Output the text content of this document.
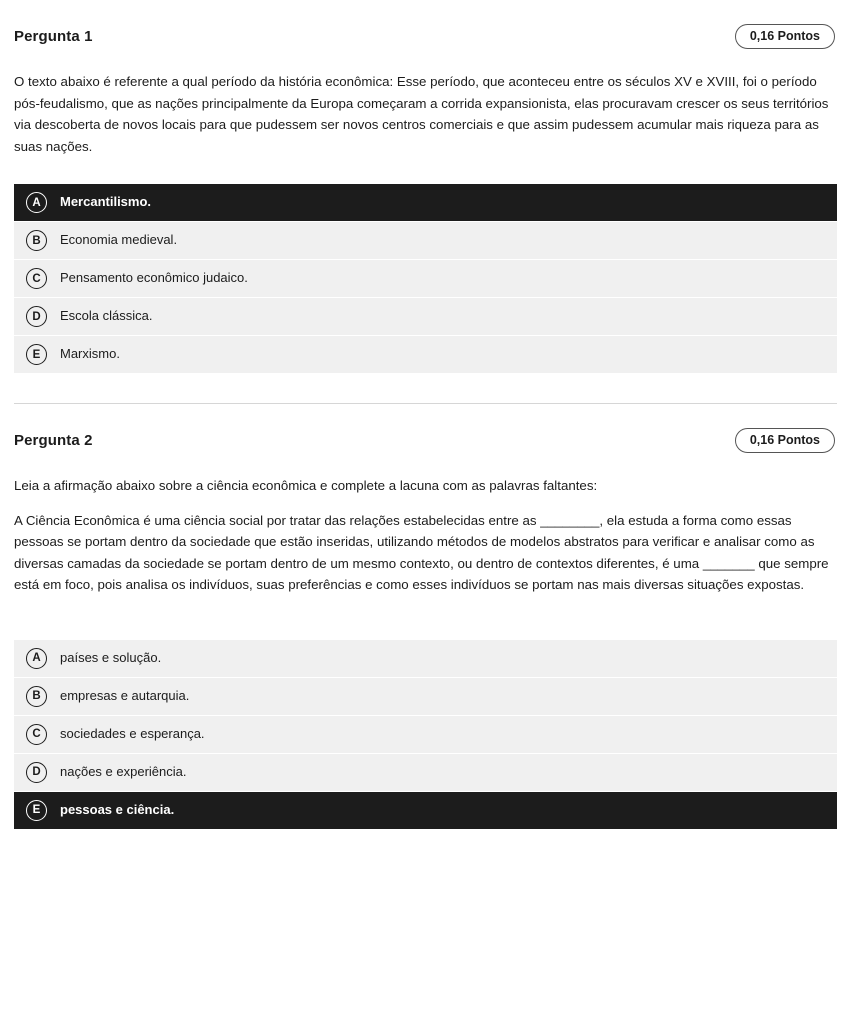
Pergunta 1	0,16 Pontos

O texto abaixo é referente a qual período da história econômica: Esse período, que aconteceu entre os séculos XV e XVIII, foi o período pós-feudalismo, que as nações principalmente da Europa começaram a corrida expansionista, elas procuravam crescer os seus territórios via descoberta de novos locais para que pudessem ser novos centros comerciais e que assim pudessem acumular mais riqueza para as suas nações.

A	Mercantilismo.
B	Economia medieval.
C	Pensamento econômico judaico.
D	Escola clássica.
E	Marxismo.
Pergunta 2	0,16 Pontos

Leia a afirmação abaixo sobre a ciência econômica e complete a lacuna com as palavras faltantes:

A Ciência Econômica é uma ciência social por tratar das relações estabelecidas entre as ________, ela estuda a forma como essas pessoas se portam dentro da sociedade que estão inseridas, utilizando métodos de modelos abstratos para verificar e analisar como as diversas camadas da sociedade se portam dentro de um mesmo contexto, ou dentro de contextos diferentes, é uma _______ que sempre está em foco, pois analisa os indivíduos, suas preferências e como esses indivíduos se portam nas mais diversas situações expostas.

A	países e solução.
B	empresas e autarquia.
C	sociedades e esperança.
D	nações e experiência.
E	pessoas e ciência.
